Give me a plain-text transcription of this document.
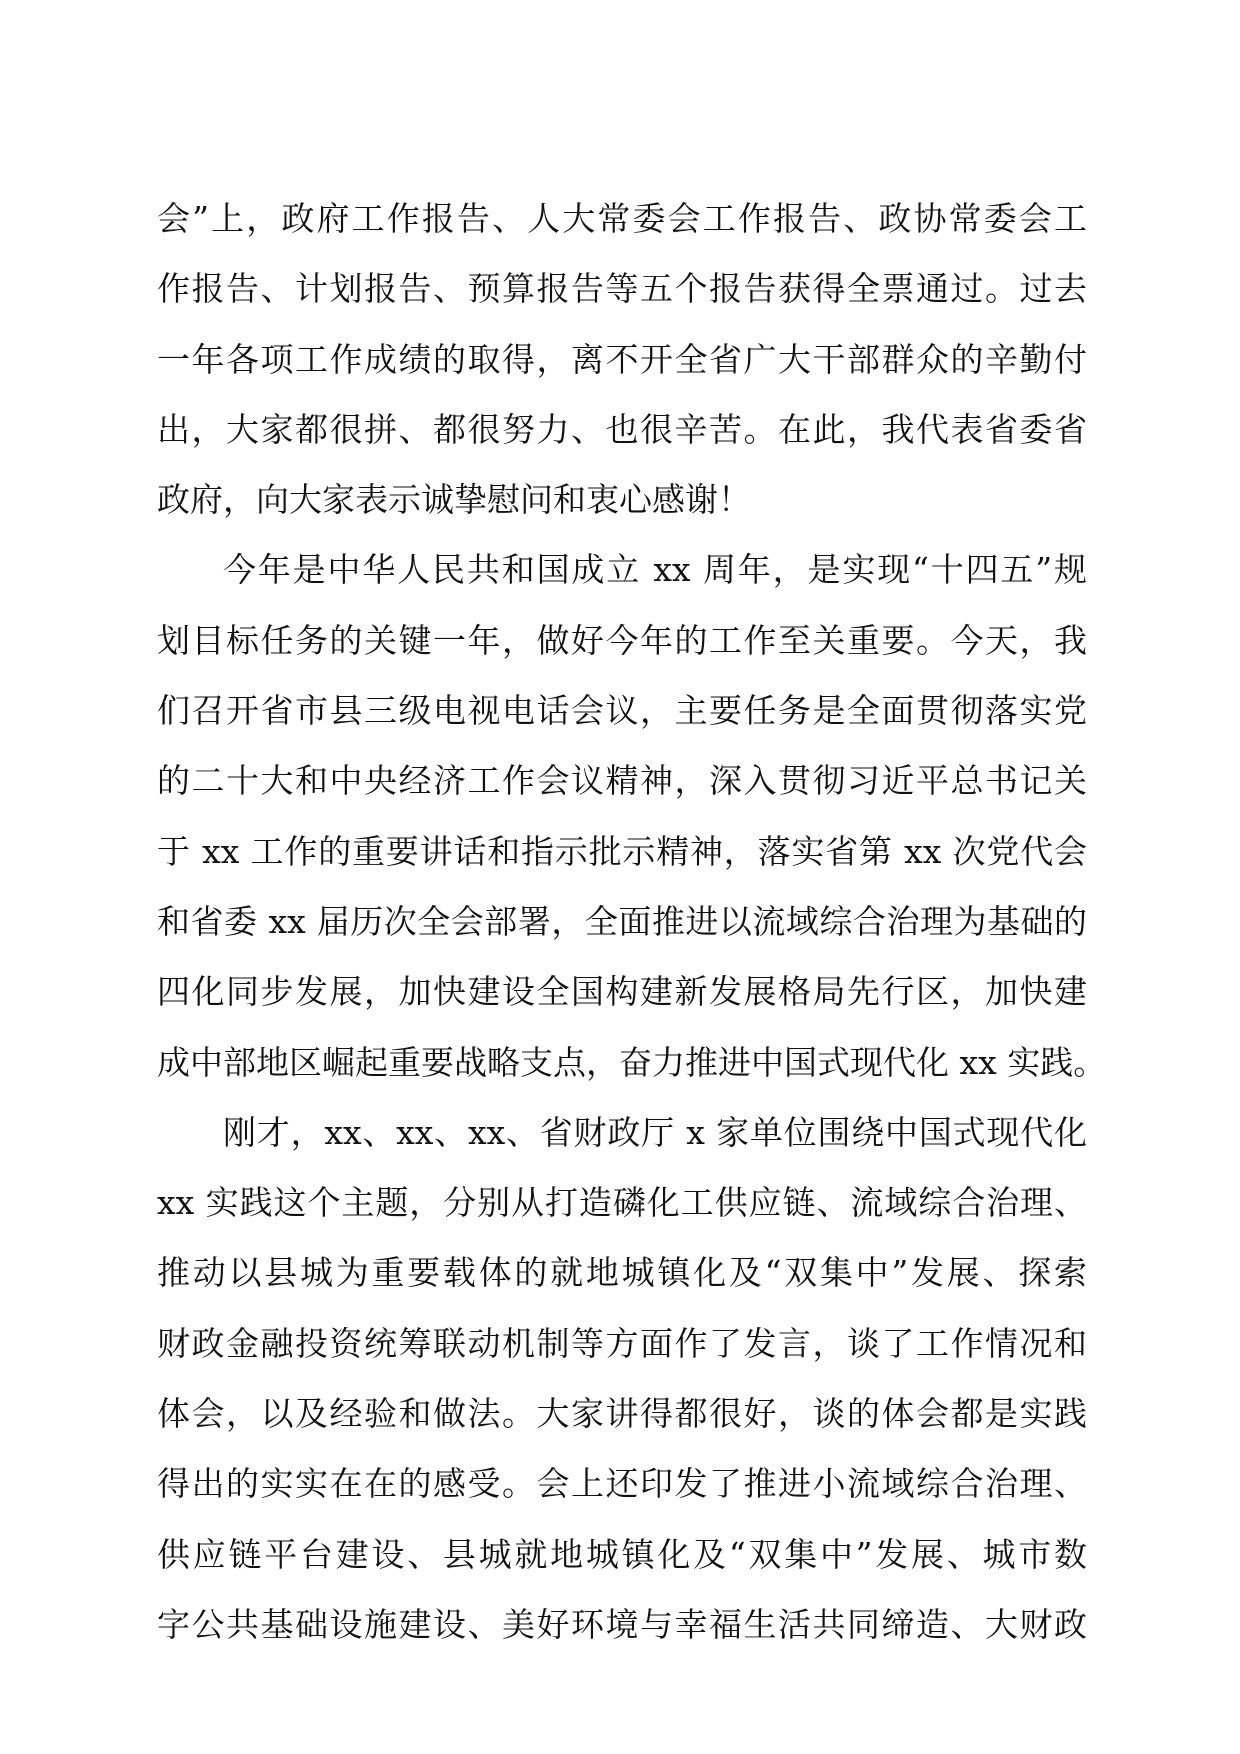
会”上，政府工作报告、人大常委会工作报告、政协常委会工
作报告、计划报告、预算报告等五个报告获得全票通过。过去
一年各项工作成绩的取得，离不开全省广大干部群众的辛勤付
出，大家都很拼、都很努力、也很辛苦。在此，我代表省委省
政府，向大家表示诚挚慰问和衷心感谢！
今年是中华人民共和国成立 xx 周年，是实现“十四五”规
划目标任务的关键一年，做好今年的工作至关重要。今天，我
们召开省市县三级电视电话会议，主要任务是全面贯彻落实党
的二十大和中央经济工作会议精神，深入贯彻习近平总书记关
于 xx 工作的重要讲话和指示批示精神，落实省第 xx 次党代会
和省委 xx 届历次全会部署，全面推进以流域综合治理为基础的
四化同步发展，加快建设全国构建新发展格局先行区，加快建
成中部地区崛起重要战略支点，奋力推进中国式现代化 xx 实践。
刚才，xx、xx、xx、省财政厅 x 家单位围绕中国式现代化
xx 实践这个主题，分别从打造磷化工供应链、流域综合治理、
推动以县城为重要载体的就地城镇化及“双集中”发展、探索
财政金融投资统筹联动机制等方面作了发言，谈了工作情况和
体会，以及经验和做法。大家讲得都很好，谈的体会都是实践
得出的实实在在的感受。会上还印发了推进小流域综合治理、
供应链平台建设、县城就地城镇化及“双集中”发展、城市数
字公共基础设施建设、美好环境与幸福生活共同缔造、大财政
